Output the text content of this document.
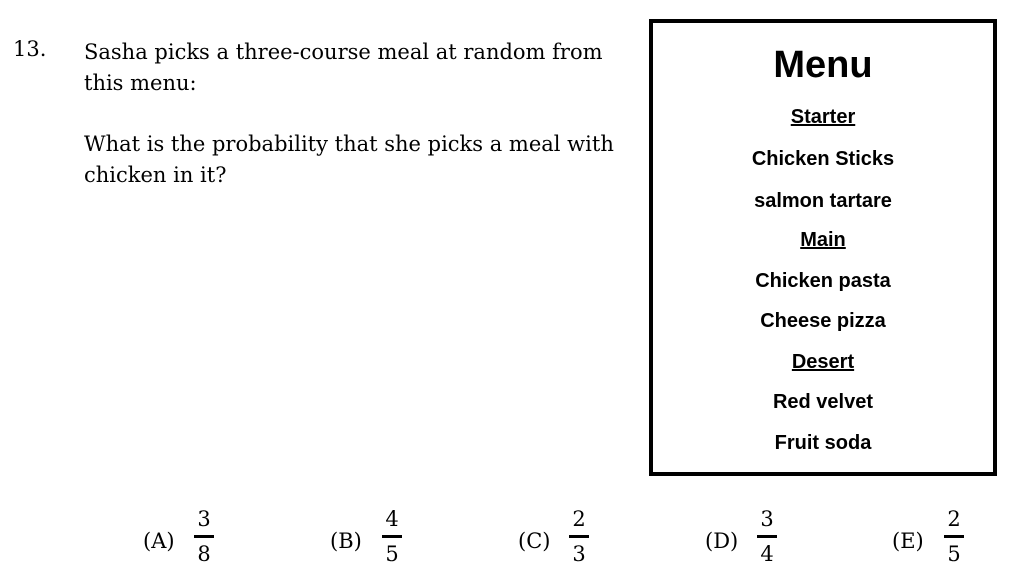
13. Sasha picks a three-course meal at random from this menu:

What is the probability that she picks a meal with chicken in it?

Menu
Starter
Chicken Sticks
salmon tartare
Main
Chicken pasta
Cheese pizza
Desert
Red velvet
Fruit soda
(A)
3
8
(B)
4
5
(C)
2
3
(D)
3
4
(E)
2
5
